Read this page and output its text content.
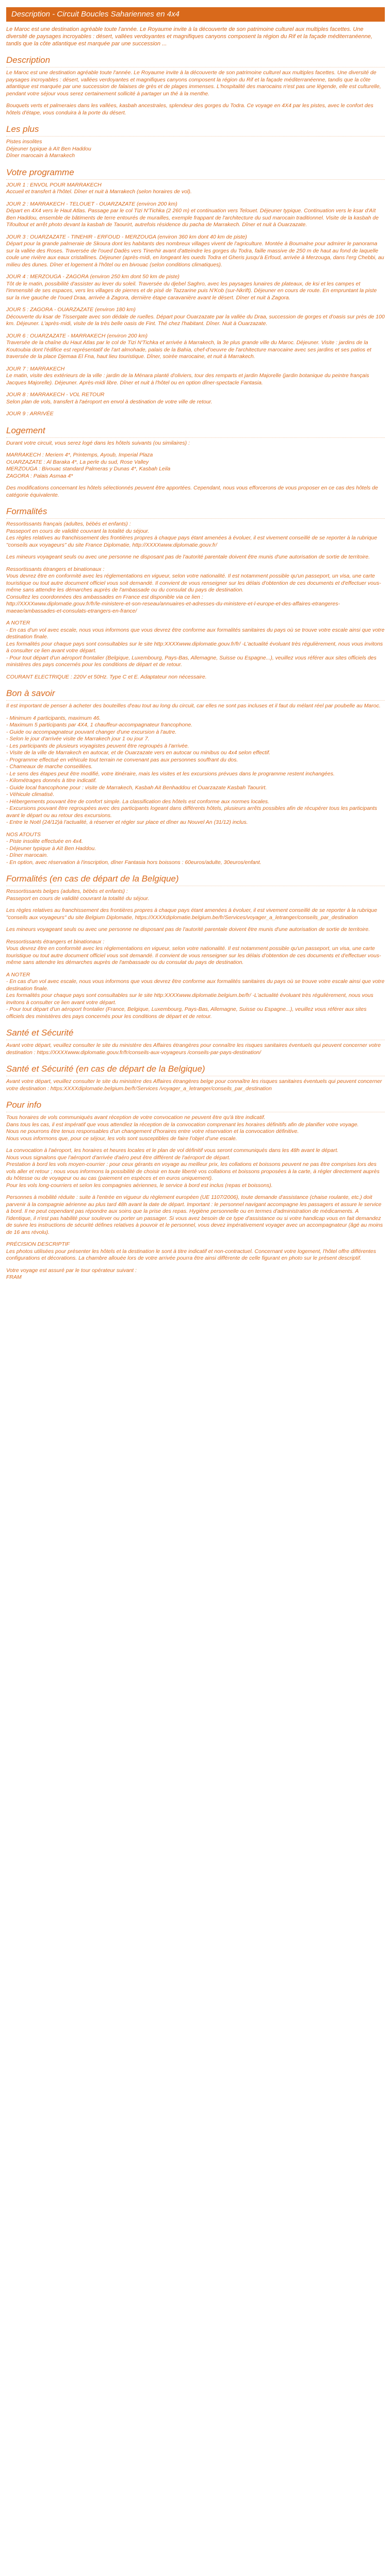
Description - Circuit Boucles Sahariennes en 4x4

Le Maroc est une destination agréable toute l'année. Le Royaume invite à la découverte de son patrimoine culturel aux multiples facettes. Une diversité de paysages incroyables : désert, vallées verdoyantes et magnifiques canyons composent la région du Rif et la façade méditerranéenne, tandis que la côte atlantique est marquée par une succession ...

Description

Le Maroc est une destination agréable toute l'année. Le Royaume invite à la découverte de son patrimoine culturel aux multiples facettes. Une diversité de paysages incroyables : désert, vallées verdoyantes et magnifiques canyons composent la région du Rif et la façade méditerranéenne, tandis que la côte atlantique est marquée par une succession de falaises de grès et de plages immenses. L'hospitalité des marocains n'est pas une légende, elle est culturelle, pendant votre séjour vous serez certainement sollicité à partager un thé à la menthe.

Bouquets verts et palmeraies dans les vallées, kasbah ancestrales, splendeur des gorges du Todra. Ce voyage en 4X4 par les pistes, avec le confort des hôtels d'étape, vous conduira à la porte du désert.

Les plus

Pistes insolites
Déjeuner typique à Aït Ben Haddou
Dîner marocain à Marrakech

Votre programme

JOUR 1 : ENVOL POUR MARRAKECH
Accueil et transfert à l'hôtel. Dîner et nuit à Marrakech (selon horaires de vol).

JOUR 2 : MARRAKECH - TELOUET - OUARZAZATE (environ 200 km)
Départ en 4X4 vers le Haut Atlas. Passage par le col Tizi N'Tichka (2 260 m) et continuation vers Telouet. Déjeuner typique. Continuation vers le ksar d'Aït Ben Haddou, ensemble de bâtiments de terre entourés de murailles, exemple frappant de l'architecture du sud marocain traditionnel. Visite de la kasbah de Tifoultout et arrêt photo devant la kasbah de Taourirt, autrefois résidence du pacha de Marrakech. Dîner et nuit à Ouarzazate.

JOUR 3 : OUARZAZATE - TINEHIR - ERFOUD - MERZOUGA (environ 360 km dont 40 km de piste)
Départ pour la grande palmeraie de Skoura dont les habitants des nombreux villages vivent de l'agriculture. Montée à Boumalne pour admirer le panorama sur la vallée des Roses. Traversée de l'oued Dadès vers Tinerhir avant d'atteindre les gorges du Todra, faille massive de 250 m de haut au fond de laquelle coule une rivière aux eaux cristallines. Déjeuner (après-midi, en longeant les oueds Todra et Gheris jusqu'à Erfoud, arrivée à Merzouga, dans l'erg Chebbi, au milieu des dunes. Dîner et logement à l'hôtel ou en bivouac (selon conditions climatiques).

JOUR 4 : MERZOUGA - ZAGORA (environ 250 km dont 50 km de piste)
Tôt de le matin, possibilité d'assister au lever du soleil. Traversée du djebel Saghro, avec les paysages lunaires de plateaux, de ksi et les campes et l'immensité de ses espaces, vers les villages de pierres et de pisé de Tazzarine puis N'Kob (sur-Nkrift). Déjeuner en cours de route. En empruntant la piste sur la rive gauche de l'oued Draa, arrivée à Zagora, dernière étape caravanière avant le désert. Dîner et nuit à Zagora.

JOUR 5 : ZAGORA - OUARZAZATE (environ 180 km)
Découverte du ksar de Tissergate avec son dédale de ruelles. Départ pour Ouarzazate par la vallée du Draa, succession de gorges et d'oasis sur près de 100 km. Déjeuner. L'après-midi, visite de la très belle oasis de Fint. Thé chez l'habitant. Dîner. Nuit à Ouarzazate.

JOUR 6 : OUARZAZATE - MARRAKECH (environ 200 km)
Traversée de la chaîne du Haut Atlas par le col de Tizi N'Tichka et arrivée à Marrakech, la 3e plus grande ville du Maroc. Déjeuner. Visite : jardins de la Koutoubia dont l'édifice est représentatif de l'art almohade, palais de la Bahia, chef-d'oeuvre de l'architecture marocaine avec ses jardins et ses patios et traversée de la place Djemaa El Fna, haut lieu touristique. Dîner, soirée marocaine, et nuit à Marrakech.

JOUR 7 : MARRAKECH
Le matin, visite des extérieurs de la ville : jardin de la Ménara planté d'oliviers, tour des remparts et jardin Majorelle (jardin botanique du peintre français Jacques Majorelle). Déjeuner. Après-midi libre. Dîner et nuit à l'hôtel ou en option dîner-spectacle Fantasia.

JOUR 8 : MARRAKECH - VOL RETOUR
Selon plan de vols, transfert à l'aéroport en envol à destination de votre ville de retour.

JOUR 9 : ARRIVÉE

Logement

Durant votre circuit, vous serez logé dans les hôtels suivants (ou similaires) :

MARRAKECH : Meriem 4*, Printemps, Ayoub, Imperial Plaza
OUARZAZATE : Al Baraka 4*, La perle du sud, Rose Valley
MERZOUGA : Bivouac standard Palmeras y Dunas 4*, Kasbah Leila
ZAGORA : Palais Asmaa 4*

Des modifications concernant les hôtels sélectionnés peuvent être apportées. Cependant, nous vous efforcerons de vous proposer en ce cas des hôtels de catégorie équivalente.

Formalités

Ressortissants français (adultes, bébés et enfants) :
Passeport en cours de validité couvrant la totalité du séjour.
Les règles relatives au franchissement des frontières propres à chaque pays étant amenées à évoluer, il est vivement conseillé de se reporter à la rubrique "conseils aux voyageurs" du site France Diplomatie, http://XXXXwww.diplomatie.gouv.fr/

Les mineurs voyageant seuls ou avec une personne ne disposant pas de l'autorité parentale doivent être munis d'une autorisation de sortie de territoire.

Ressortissants étrangers et binationaux :
Vous devrez être en conformité avec les réglementations en vigueur, selon votre nationalité. Il est notamment possible qu'un passeport, un visa, une carte touristique ou tout autre document officiel vous soit demandé. Il convient de vous renseigner sur les délais d'obtention de ces documents et d'effectuer vous-même sans attendre les démarches auprès de l'ambassade ou du consulat du pays de destination.
Consultez les coordonnées des ambassades en France est disponible via ce lien :
http://XXXXwww.diplomatie.gouv.fr/fr/le-ministere-et-son-reseau/annuaires-et-adresses-du-ministere-et-l-europe-et-des-affaires-etrangeres-maeae/ambassades-et-consulats-etrangers-en-france/

A NOTER
- En cas d'un vol avec escale, nous vous informons que vous devrez être conforme aux formalités sanitaires du pays où se trouve votre escale ainsi que votre destination finale.
Les formalités pour chaque pays sont consultables sur le site http:XXXXwww.diplomatie.gouv.fr/fr/ -L'actualité évoluant très régulièrement, nous vous invitons à consulter ce lien avant votre départ.
- Pour tout départ d'un aéroport frontalier (Belgique, Luxembourg, Pays-Bas, Allemagne, Suisse ou Espagne...), veuillez vous référer aux sites officiels des ministères des pays concernés pour les conditions de départ et de retour.

COURANT ELECTRIQUE : 220V et 50Hz. Type C et E. Adaptateur non nécessaire.

Bon à savoir

Il est important de penser à acheter des bouteilles d'eau tout au long du circuit, car elles ne sont pas incluses et il faut du mélant réel par poubelle au Maroc.

- Minimum 4 participants, maximum 46.
- Maximum 5 participants par 4X4, 1 chauffeur-accompagnateur francophone.
- Guide ou accompagnateur pouvant changer d'une excursion à l'autre.
- Selon le jour d'arrivée visite de Marrakech jour 1 ou jour 7.
- Les participants de plusieurs voyagistes peuvent être regroupés à l'arrivée.
- Visite de la ville de Marrakech en autocar, et de Ouarzazate vers en autocar ou minibus ou 4x4 selon effectif.
- Programme effectué en véhicule tout terrain ne convenant pas aux personnes souffrant du dos.
- Chameaux de marche conseillées.
- Le sens des étapes peut être modifié, votre itinéraire, mais les visites et les excursions prévues dans le programme restent inchangées.
- Kilométrages donnés à titre indicatif.
- Guide local francophone pour : visite de Marrakech, Kasbah Ait Benhaddou et Ouarzazate Kasbah Taourirt.
- Véhicule climatisé.
- Hébergements pouvant être de confort simple. La classification des hôtels est conforme aux normes locales.
- Excursions pouvant être regroupées avec des participants logeant dans différents hôtels, plusieurs arrêts possibles afin de récupérer tous les participants avant le départ ou au retour des excursions.
- Entre le Noël (24/12)à l'actualité, à réserver et régler sur place et dîner au Nouvel An (31/12) inclus.

NOS ATOUTS
- Piste insolite effectuée en 4x4.
- Déjeuner typique à Aït Ben Haddou.
- Dîner marocain.
- En option, avec réservation à l'inscription, dîner Fantasia hors boissons : 60euros/adulte, 30euros/enfant.

Formalités (en cas de départ de la Belgique)

Ressortissants belges (adultes, bébés et enfants) :
Passeport en cours de validité couvrant la totalité du séjour.

Les règles relatives au franchissement des frontières propres à chaque pays étant amenées à évoluer, il est vivement conseillé de se reporter à la rubrique "conseils aux voyageurs" du site Belgium Diplomatie, https://XXXXdiplomatie.belgium.be/fr/Services/voyager_a_letranger/conseils_par_destination

Les mineurs voyageant seuls ou avec une personne ne disposant pas de l'autorité parentale doivent être munis d'une autorisation de sortie de territoire.

Ressortissants étrangers et binationaux :
Vous devrez être en conformité avec les réglementations en vigueur, selon votre nationalité. Il est notamment possible qu'un passeport, un visa, une carte touristique ou tout autre document officiel vous soit demandé. Il convient de vous renseigner sur les délais d'obtention de ces documents et d'effectuer vous-même sans attendre les démarches auprès de l'ambassade ou du consulat du pays de destination.

A NOTER
- En cas d'un vol avec escale, nous vous informons que vous devrez être conforme aux formalités sanitaires du pays où se trouve votre escale ainsi que votre destination finale.
Les formalités pour chaque pays sont consultables sur le site http:XXXXwww.diplomatie.belgium.be/fr/ -L'actualité évoluant très régulièrement, nous vous invitons à consulter ce lien avant votre départ.
- Pour tout départ d'un aéroport frontalier (France, Belgique, Luxembourg, Pays-Bas, Allemagne, Suisse ou Espagne...), veuillez vous référer aux sites officiels des ministères des pays concernés pour les conditions de départ et de retour.

Santé et Sécurité

Avant votre départ, veuillez consulter le site du ministère des Affaires étrangères pour connaître les risques sanitaires éventuels qui peuvent concerner votre destination : https://XXXXwww.diplomatie.gouv.fr/fr/conseils-aux-voyageurs /conseils-par-pays-destination/

Santé et Sécurité (en cas de départ de la Belgique)

Avant votre départ, veuillez consulter le site du ministère des Affaires étrangères belge pour connaître les risques sanitaires éventuels qui peuvent concerner votre destination : https:XXXXdiplomatie.belgium.be/fr/Services /voyager_a_letranger/conseils_par_destination

Pour info

Tous horaires de vols communiqués avant réception de votre convocation ne peuvent être qu'à titre indicatif.
Dans tous les cas, il est impératif que vous attendiez la réception de la convocation comprenant les horaires définitifs afin de planifier votre voyage.
Nous ne pourrons être tenus responsables d'un changement d'horaires entre votre réservation et la convocation définitive.
Nous vous informons que, pour ce séjour, les vols sont susceptibles de faire l'objet d'une escale.

La convocation à l'aéroport, les horaires et heures locales et le plan de vol définitif vous seront communiqués dans les 48h avant le départ.
Nous vous signalons que l'aéroport d'arrivée d'aéro peut être différent de l'aéroport de départ.
Prestation à bord les vols moyen-courrier : pour ceux gérants en voyage au meilleur prix, les collations et boissons peuvent ne pas être comprises lors des vols aller et retour ; nous vous informons la possibilité de choisir en toute liberté vos collations et boissons proposées à la carte, à régler directement auprès du hôtesse ou de voyageur ou au cas (paiement en espèces et en euros uniquement).
Pour les vols long-courriers et selon les compagnies aériennes, le service à bord est inclus (repas et boissons).

Personnes à mobilité réduite : suite à l'entrée en vigueur du règlement européen (UE 1107/2006), toute demande d'assistance (chaise roulante, etc.) doit parvenir à la compagnie aérienne au plus tard 48h avant la date de départ. Important : le personnel navigant accompagne les passagers et assure le service à bord. Il ne peut cependant pas répondre aux soins que la prise des repas. Hygiène personnelle ou en termes d'administration de médicaments. A l'identique, il n'est pas habilité pour soulever ou porter un passager. Si vous avez besoin de ce type d'assistance ou si votre handicap vous en fait demandez de suivre les instructions de sécurité défines relatives à pouvoir et le personnel, vous devez impérativement voyager avec un accompagnateur (âgé au moins de 16 ans révolu).

PRÉCISION DESCRIPTIF
Les photos utilisées pour présenter les hôtels et la destination le sont à titre indicatif et non-contractuel. Concernant votre logement, l'hôtel offre différentes configurations et décorations. La chambre allouée lors de votre arrivée pourra être ainsi différente de celle figurant en photo sur le présent descriptif.

Votre voyage est assuré par le tour opérateur suivant :
FRAM
